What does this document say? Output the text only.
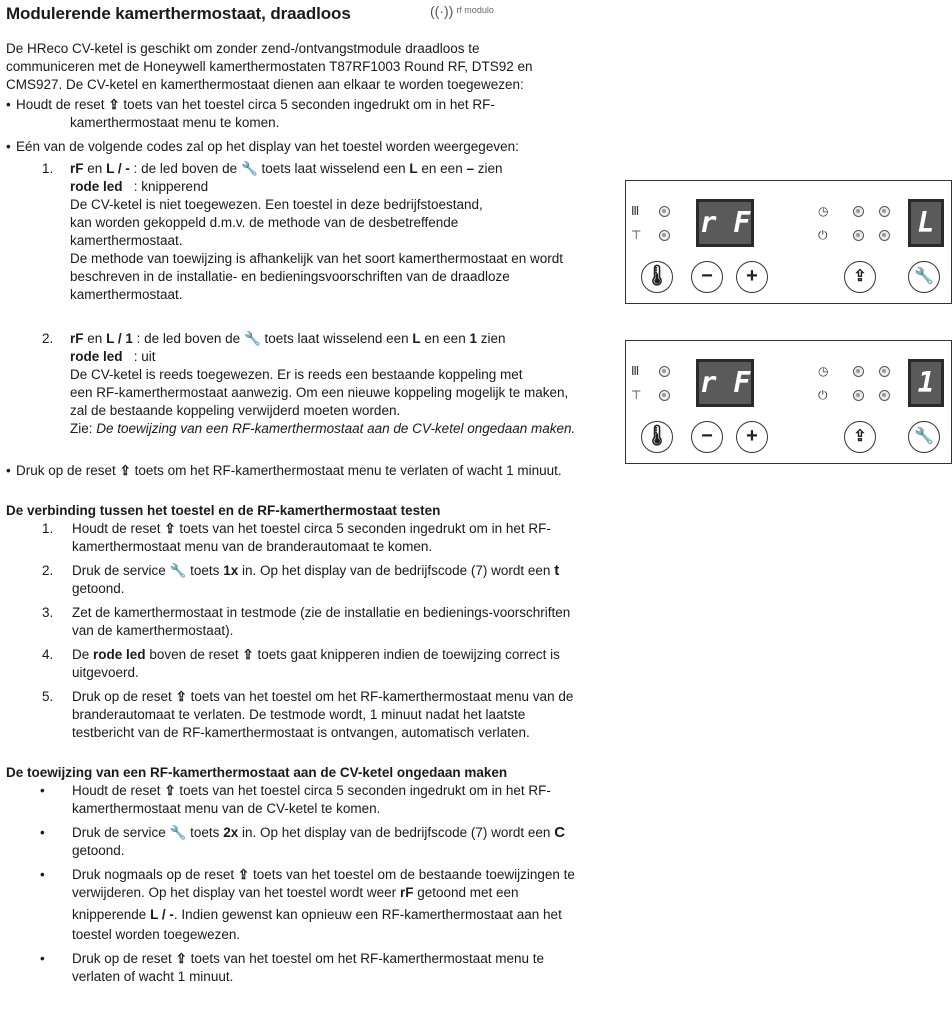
Modulerende kamerthermostaat, draadloos	((·)) rf modulo
De HReco CV-ketel is geschikt om zonder zend-/ontvangstmodule draadloos te
communiceren met de Honeywell kamerthermostaten T87RF1003 Round RF, DTS92 en
CMS927. De CV-ketel en kamerthermostaat dienen aan elkaar te worden toegewezen:
• Houdt de reset ⇪ toets van het toestel circa 5 seconden ingedrukt om in het RF-
kamerthermostaat menu te komen.
• Eén van de volgende codes zal op het display van het toestel worden weergegeven:
1. rF en L / - : de led boven de 🔧 toets laat wisselend een L en een – zien
rode led : knipperend
De CV-ketel is niet toegewezen. Een toestel in deze bedrijfstoestand,
kan worden gekoppeld d.m.v. de methode van de desbetreffende
kamerthermostaat.
De methode van toewijzing is afhankelijk van het soort kamerthermostaat en wordt
beschreven in de installatie- en bedieningsvoorschriften van de draadloze
kamerthermostaat.
2. rF en L / 1 : de led boven de 🔧 toets laat wisselend een L en een 1 zien
rode led : uit
De CV-ketel is reeds toegewezen. Er is reeds een bestaande koppeling met
een RF-kamerthermostaat aanwezig. Om een nieuwe koppeling mogelijk te maken,
zal de bestaande koppeling verwijderd moeten worden.
Zie: De toewijzing van een RF-kamerthermostaat aan de CV-ketel ongedaan maken.
• Druk op de reset ⇪ toets om het RF-kamerthermostaat menu te verlaten of wacht 1 minuut.
De verbinding tussen het toestel en de RF-kamerthermostaat testen
1. Houdt de reset ⇪ toets van het toestel circa 5 seconden ingedrukt om in het RF-
kamerthermostaat menu van de branderautomaat te komen.
2. Druk de service 🔧 toets 1x in. Op het display van de bedrijfscode (7) wordt een t
getoond.
3. Zet de kamerthermostaat in testmode (zie de installatie en bedienings-voorschriften
van de kamerthermostaat).
4. De rode led boven de reset ⇪ toets gaat knipperen indien de toewijzing correct is
uitgevoerd.
5. Druk op de reset ⇪ toets van het toestel om het RF-kamerthermostaat menu van de
branderautomaat te verlaten. De testmode wordt, 1 minuut nadat het laatste
testbericht van de RF-kamerthermostaat is ontvangen, automatisch verlaten.
De toewijzing van een RF-kamerthermostaat aan de CV-ketel ongedaan maken
• Houdt de reset ⇪ toets van het toestel circa 5 seconden ingedrukt om in het RF-
kamerthermostaat menu van de CV-ketel te komen.
• Druk de service 🔧 toets 2x in. Op het display van de bedrijfscode (7) wordt een C
getoond.
• Druk nogmaals op de reset ⇪ toets van het toestel om de bestaande toewijzingen te
verwijderen. Op het display van het toestel wordt weer rF getoond met een
knipperende L / -. Indien gewenst kan opnieuw een RF-kamerthermostaat aan het
toestel worden toegewezen.
• Druk op de reset ⇪ toets van het toestel om het RF-kamerthermostaat menu te
verlaten of wacht 1 minuut.
Ⅲ
⊤ r F	◷
⏻	L
🌡	−	+	⇪	🔧
Ⅲ
⊤ r F	◷
⏻	1
🌡	−	+	⇪	🔧
